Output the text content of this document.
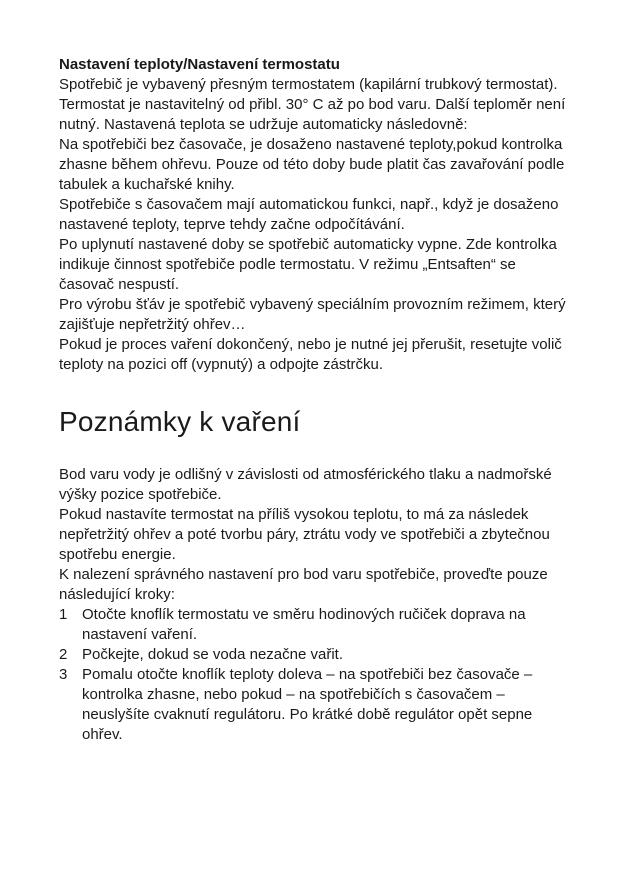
Nastavení teploty/Nastavení termostatu

Spotřebič je vybavený přesným termostatem (kapilární trubkový termostat). Termostat je nastavitelný od přibl. 30° C až po bod varu. Další teploměr není nutný. Nastavená teplota se udržuje automaticky následovně:

Na spotřebiči bez časovače, je dosaženo nastavené teploty,pokud kontrolka zhasne během ohřevu. Pouze od této doby bude platit čas zavařování podle tabulek a kuchařské knihy.

Spotřebiče s časovačem mají automatickou funkci, např., když je dosaženo nastavené teploty, teprve tehdy začne odpočítávání.

Po uplynutí nastavené doby se spotřebič automaticky vypne. Zde kontrolka indikuje činnost spotřebiče podle termostatu. V režimu „Entsaften“ se časovač nespustí.

Pro výrobu šťáv je spotřebič vybavený speciálním provozním režimem, který zajišťuje nepřetržitý ohřev…

Pokud je proces vaření dokončený, nebo je nutné jej přerušit, resetujte volič teploty na pozici off (vypnutý) a odpojte zástrčku.

Poznámky k vaření

Bod varu vody je odlišný v závislosti od atmosférického tlaku a nadmořské výšky pozice spotřebiče.

Pokud nastavíte termostat na příliš vysokou teplotu, to má za následek nepřetržitý ohřev a poté tvorbu páry, ztrátu vody ve spotřebiči a zbytečnou spotřebu energie.

K nalezení správného nastavení pro bod varu spotřebiče, proveďte pouze následující kroky:

1 Otočte knoflík termostatu ve směru hodinových ručiček doprava na nastavení vaření.
2 Počkejte, dokud se voda nezačne vařit.
3 Pomalu otočte knoflík teploty doleva – na spotřebiči bez časovače – kontrolka zhasne, nebo pokud – na spotřebičích s časovačem – neuslyšíte cvaknutí regulátoru. Po krátké době regulátor opět sepne ohřev.
